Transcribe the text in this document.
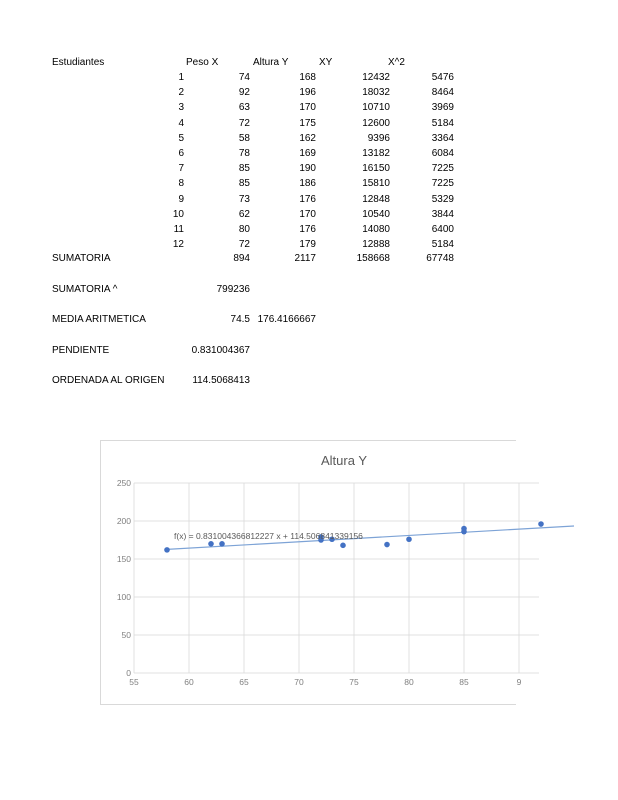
Estudiantes	Peso X	Altura Y	XY	X^2
1	74	168	12432	5476
2	92	196	18032	8464
3	63	170	10710	3969
4	72	175	12600	5184
5	58	162	9396	3364
6	78	169	13182	6084
7	85	190	16150	7225
8	85	186	15810	7225
9	73	176	12848	5329
10	62	170	10540	3844
11	80	176	14080	6400
12	72	179	12888	5184
SUMATORIA	894	2117	158668	67748
SUMATORIA ^	799236
MEDIA ARITMETICA	74.5 176.4166667
PENDIENTE	0.831004367
ORDENADA AL ORIGEN	114.5068413
Altura Y
0
50
100
150
200
250
55	60	65	70	75	80	85	9
f(x) = 0.831004366812227 x + 114.506841339156
